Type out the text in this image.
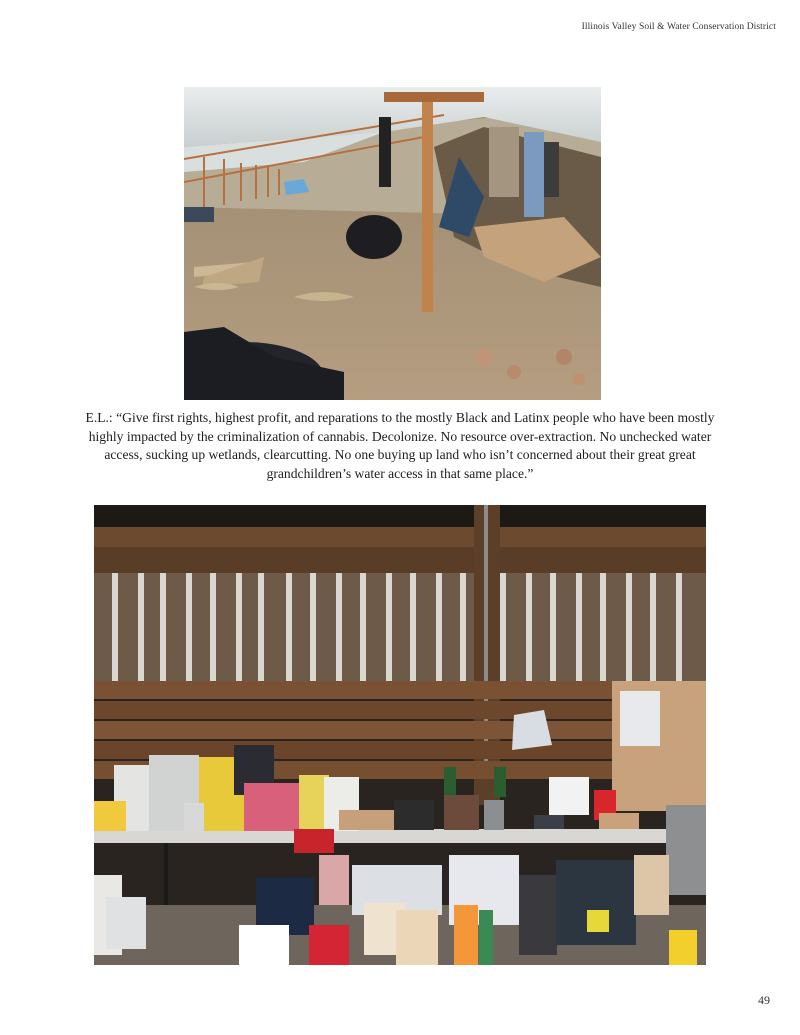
Illinois Valley Soil & Water Conservation District
E.L.: “Give first rights, highest profit, and reparations to the mostly Black and Latinx people who have been mostly highly impacted by the criminalization of cannabis. Decolonize. No resource over-extraction. No unchecked water access, sucking up wetlands, clearcutting. No one buying up land who isn’t concerned about their great great grandchildren’s water access in that same place.”
49
